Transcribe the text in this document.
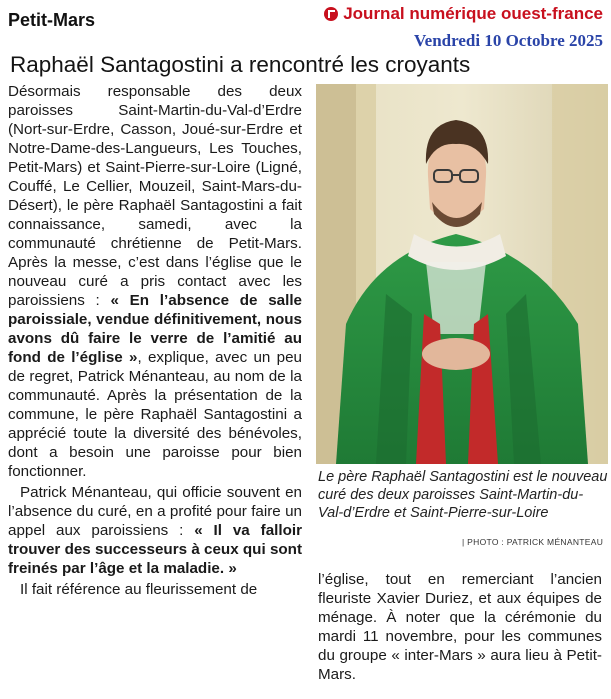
Petit-Mars	Journal numérique ouest-france
Vendredi 10 Octobre 2025
Raphaël Santagostini a rencontré les croyants

Désormais responsable des deux paroisses Saint-Martin-du-Val-d’Erdre (Nort-sur-Erdre, Casson, Joué-sur-Erdre et Notre-Dame-des-Langueurs, Les Touches, Petit-Mars) et Saint-Pierre-sur-Loire (Ligné, Couffé, Le Cellier, Mouzeil, Saint-Mars-du-Désert), le père Raphaël Santagostini a fait connaissance, samedi, avec la communauté chrétienne de Petit-Mars. Après la messe, c’est dans l’église que le nouveau curé a pris contact avec les paroissiens : « En l’absence de salle paroissiale, vendue définitivement, nous avons dû faire le verre de l’amitié au fond de l’église », explique, avec un peu de regret, Patrick Ménanteau, au nom de la communauté. Après la présentation de la commune, le père Raphaël Santagostini a apprécié toute la diversité des bénévoles, dont a besoin une paroisse pour bien fonctionner.

Patrick Ménanteau, qui officie souvent en l’absence du curé, en a profité pour faire un appel aux paroissiens : « Il va falloir trouver des successeurs à ceux qui sont freinés par l’âge et la maladie. »

Il fait référence au fleurissement de

Le père Raphaël Santagostini est le nouveau curé des deux paroisses Saint-Martin-du-Val-d’Erdre et Saint-Pierre-sur-Loire
| PHOTO : PATRICK MÉNANTEAU

l’église, tout en remerciant l’ancien fleuriste Xavier Duriez, et aux équipes de ménage. À noter que la cérémonie du mardi 11 novembre, pour les communes du groupe « inter-Mars » aura lieu à Petit-Mars.
